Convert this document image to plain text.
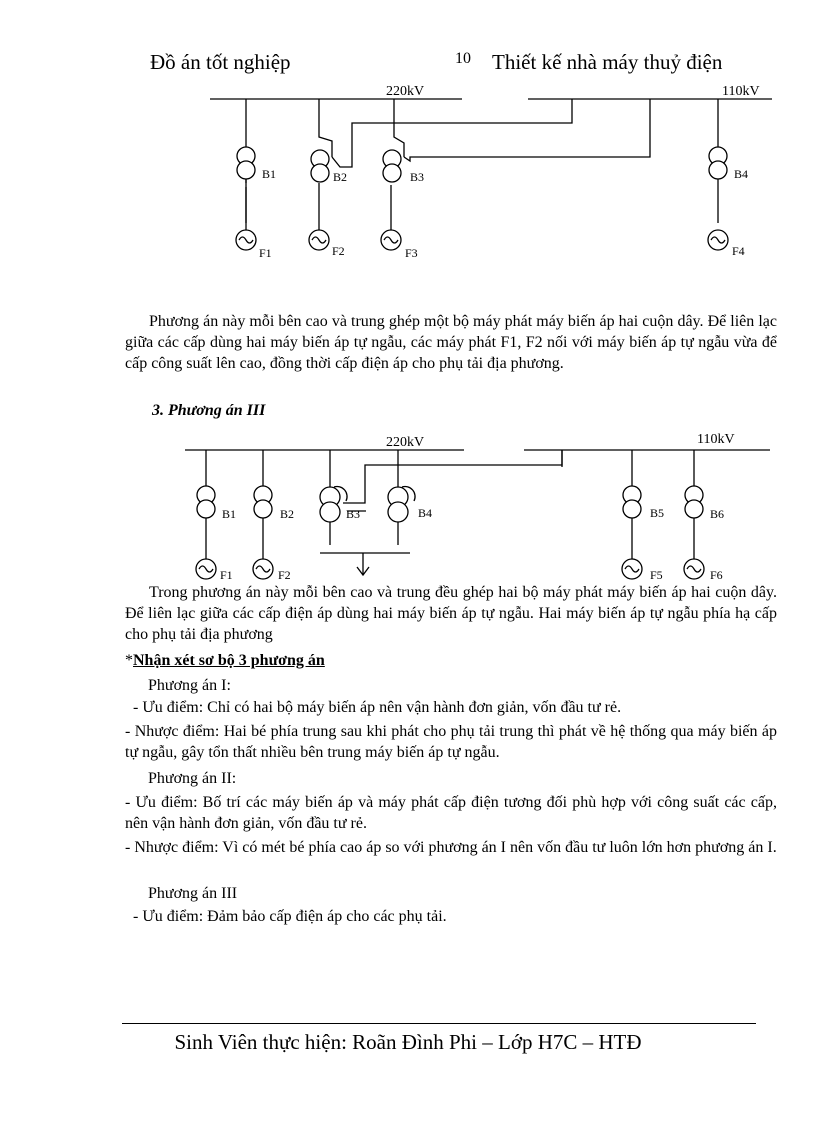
Đồ án tốt nghiệp	10 Thiết kế nhà máy thuỷ điện
220kV	110kV
B1	B2	B3	B4
F1	F2	F3	F4
Phương án này mỗi bên cao và trung ghép một bộ máy phát máy biến áp hai cuộn dây. Để liên lạc giữa các cấp dùng hai máy biến áp tự ngẫu, các máy phát F1, F2 nối với máy biến áp tự ngẫu vừa để cấp công suất lên cao, đồng thời cấp điện áp cho phụ tải địa phương.
3. Phương án III
220kV	110kV
B1	B2	B3	B4	B5	B6
F1	F2	F5	F6
Trong phương án này mỗi bên cao và trung đều ghép hai bộ máy phát máy biến áp hai cuộn dây. Để liên lạc giữa các cấp điện áp dùng hai máy biến áp tự ngẫu. Hai máy biến áp tự ngẫu phía hạ cấp cho phụ tải địa phương
*Nhận xét sơ bộ 3 phương án
Phương án I:
- Ưu điểm: Chỉ có hai bộ máy biến áp nên vận hành đơn giản, vốn đầu tư rẻ.
- Nhược điểm: Hai bé phía trung sau khi phát cho phụ tải trung thì phát về hệ thống qua máy biến áp tự ngẫu, gây tổn thất nhiều bên trung máy biến áp tự ngẫu.
Phương án II:
- Ưu điểm: Bố trí các máy biến áp và máy phát cấp điện tương đối phù hợp với công suất các cấp, nên vận hành đơn giản, vốn đầu tư rẻ.
- Nhược điểm: Vì có mét bé phía cao áp so với phương án I nên vốn đầu tư luôn lớn hơn phương án I.
Phương án III
- Ưu điểm: Đảm bảo cấp điện áp cho các phụ tải.
Sinh Viên thực hiện: Roãn Đình Phi – Lớp H7C – HTĐ
